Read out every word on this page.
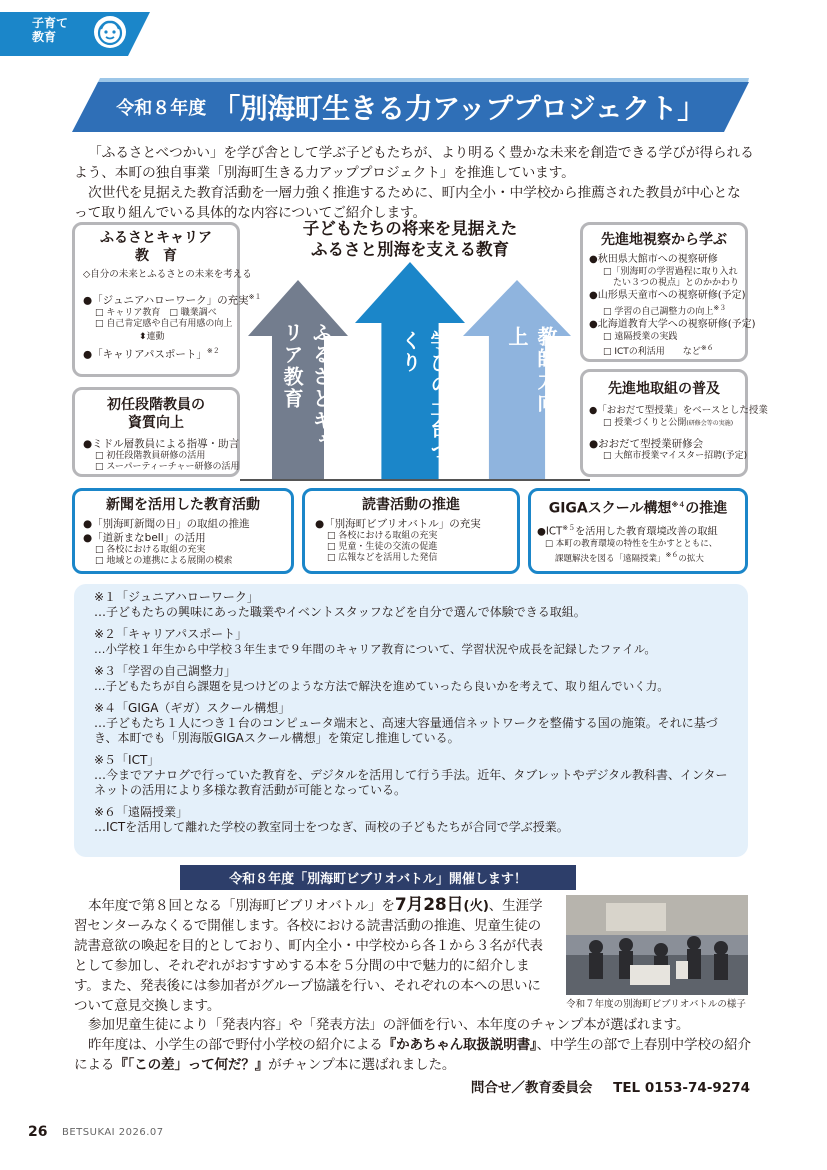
子育て
教育
令和８年度 「別海町生きる力アッププロジェクト」

「ふるさとべつかい」を学び舎として学ぶ子どもたちが、より明るく豊かな未来を創造できる学びが得られるよう、本町の独自事業「別海町生きる力アッププロジェクト」を推進しています。

次世代を見据えた教育活動を一層力強く推進するために、町内全小・中学校から推薦された教員が中心となって取り組んでいる具体的な内容についてご紹介します。

子どもたちの将来を見据えた
ふるさと別海を支える教育
ふるさとキャリア教育	学びの土台づくり	教師力向上
ふるさとキャリア
教　育
◇自分の未来とふるさとの未来を考える
●「ジュニアハローワーク」の充実$^{※1}$
□ キャリア教育　□ 職業調べ
□ 自己肯定感や自己有用感の向上
⬍連動
●「キャリアパスポート」$^{※2}$
初任段階教員の
資質向上
●ミドル層教員による指導・助言
□ 初任段階教員研修の活用
□ スーパーティーチャー研修の活用
先進地視察から学ぶ
●秋田県大館市への視察研修
□「別海町の学習過程に取り入れ
たい３つの視点」とのかかわり
●山形県天童市への視察研修(予定)
□ 学習の自己調整力の向上$^{※3}$
●北海道教育大学への視察研修(予定)
□ 遠隔授業の実践
□ ICTの利活用　　など$^{※6}$
先進地取組の普及
●「おおだて型授業」をベースとした授業
□ 授業づくりと公開(研修会等の実施)
●おおだて型授業研修会
□ 大館市授業マイスター招聘(予定)
新聞を活用した教育活動
●「別海町新聞の日」の取組の推進
●「道新まなbell」の活用
□ 各校における取組の充実
□ 地域との連携による展開の模索
読書活動の推進
●「別海町ビブリオバトル」の充実
□ 各校における取組の充実
□ 児童・生徒の交流の促進
□ 広報などを活用した発信
GIGAスクール構想$^{※4}$の推進
●ICT$^{※5}$を活用した教育環境改善の取組
□ 本町の教育環境の特性を生かすとともに、
課題解決を図る「遠隔授業」$^{※6}$の拡大
※１「ジュニアハローワーク」
…子どもたちの興味にあった職業やイベントスタッフなどを自分で選んで体験できる取組。
※２「キャリアパスポート」
…小学校１年生から中学校３年生まで９年間のキャリア教育について、学習状況や成長を記録したファイル。
※３「学習の自己調整力」
…子どもたちが自ら課題を見つけどのような方法で解決を進めていったら良いかを考えて、取り組んでいく力。
※４「GIGA（ギガ）スクール構想」
…子どもたち１人につき１台のコンピュータ端末と、高速大容量通信ネットワークを整備する国の施策。それに基づき、本町でも「別海版GIGAスクール構想」を策定し推進している。
※５「ICT」
…今までアナログで行っていた教育を、デジタルを活用して行う手法。近年、タブレットやデジタル教科書、インターネットの活用により多様な教育活動が可能となっている。
※６「遠隔授業」
…ICTを活用して離れた学校の教室同士をつなぎ、両校の子どもたちが合同で学ぶ授業。
令和８年度「別海町ビブリオバトル」開催します！

本年度で第８回となる「別海町ビブリオバトル」を7月28日(火)、生涯学習センターみなくるで開催します。各校における読書活動の推進、児童生徒の読書意欲の喚起を目的としており、町内全小・中学校から各１から３名が代表として参加し、それぞれがおすすめする本を５分間の中で魅力的に紹介します。また、発表後には参加者がグループ協議を行い、それぞれの本への思いについて意見交換します。	令和７年度の別海町ビブリオバトルの様子

参加児童生徒により「発表内容」や「発表方法」の評価を行い、本年度のチャンプ本が選ばれます。

昨年度は、小学生の部で野付小学校の紹介による『かあちゃん取扱説明書』、中学生の部で上春別中学校の紹介による『「この差」って何だ？』がチャンプ本に選ばれました。

問合せ／教育委員会 TEL 0153-74-9274
26 BETSUKAI 2026.07
